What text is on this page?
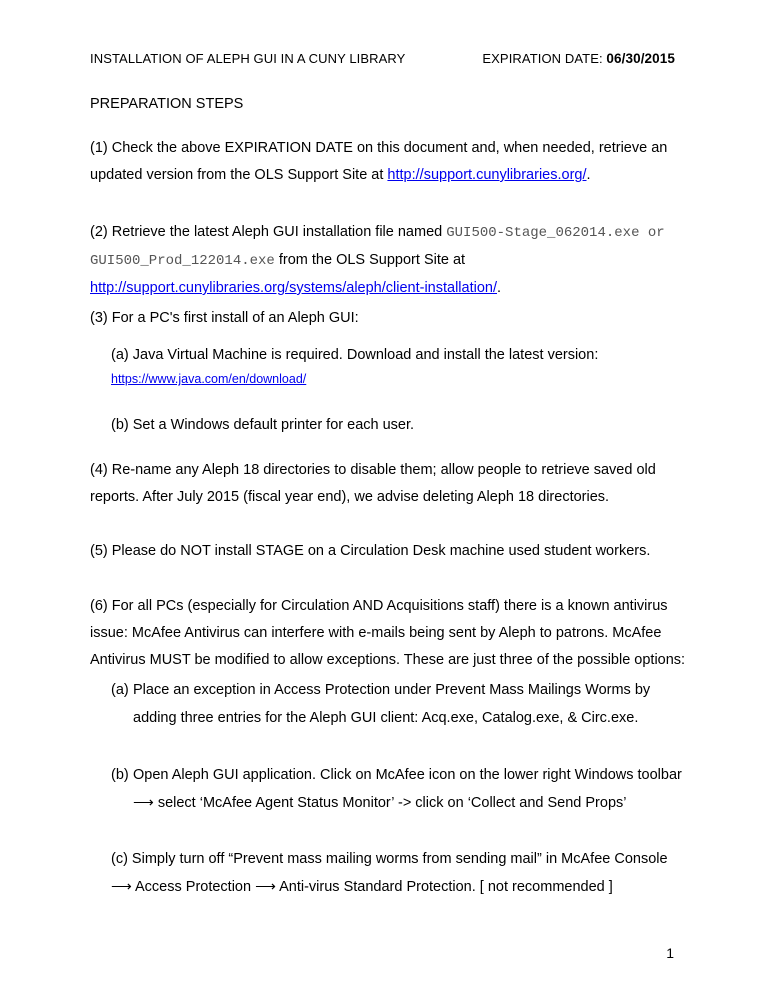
INSTALLATION OF ALEPH GUI IN A CUNY LIBRARY	EXPIRATION DATE: 06/30/2015
PREPARATION STEPS
(1) Check the above EXPIRATION DATE on this document and, when needed, retrieve an updated version from the OLS Support Site at http://support.cunylibraries.org/.
(2) Retrieve the latest Aleph GUI installation file named GUI500-Stage_062014.exe or GUI500_Prod_122014.exe from the OLS Support Site at
http://support.cunylibraries.org/systems/aleph/client-installation/.
(3) For a PC's first install of an Aleph GUI:
(a) Java Virtual Machine is required. Download and install the latest version:
https://www.java.com/en/download/
(b) Set a Windows default printer for each user.
(4) Re-name any Aleph 18 directories to disable them; allow people to retrieve saved old reports. After July 2015 (fiscal year end), we advise deleting Aleph 18 directories.
(5) Please do NOT install STAGE on a Circulation Desk machine used student workers.
(6) For all PCs (especially for Circulation AND Acquisitions staff) there is a known antivirus issue: McAfee Antivirus can interfere with e-mails being sent by Aleph to patrons. McAfee Antivirus MUST be modified to allow exceptions. These are just three of the possible options:
(a) Place an exception in Access Protection under Prevent Mass Mailings Worms by adding three entries for the Aleph GUI client: Acq.exe, Catalog.exe, & Circ.exe.
(b) Open Aleph GUI application. Click on McAfee icon on the lower right Windows toolbar ⟶ select ‘McAfee Agent Status Monitor’ -> click on ‘Collect and Send Props’
(c) Simply turn off “Prevent mass mailing worms from sending mail” in McAfee Console ⟶ Access Protection ⟶ Anti-virus Standard Protection. [ not recommended ]
1
